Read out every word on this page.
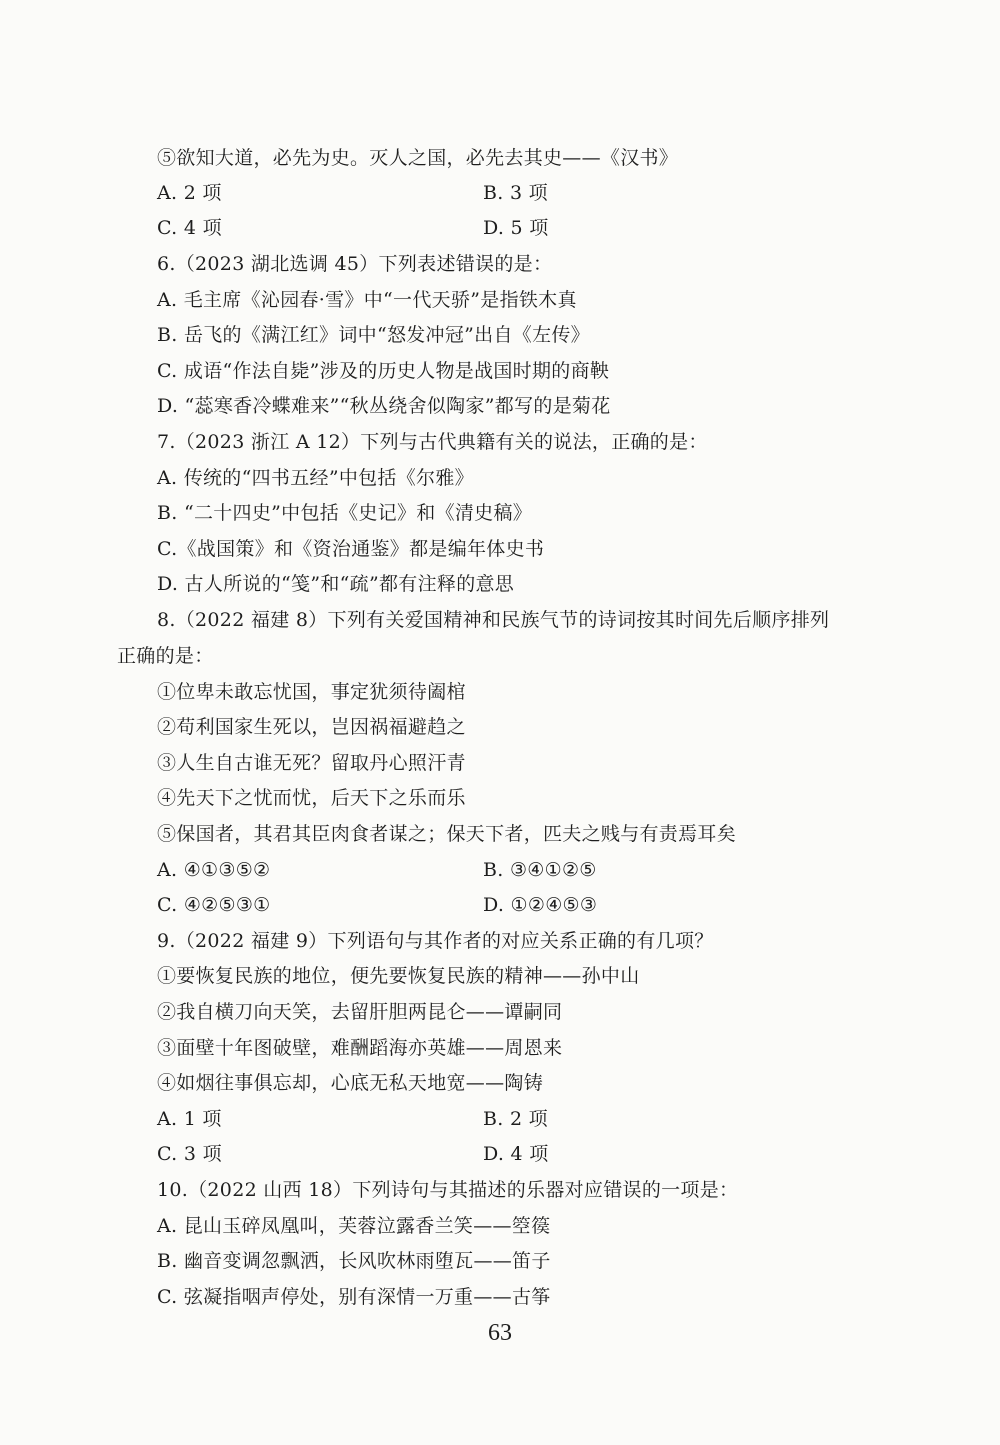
⑤欲知大道，必先为史。灭人之国，必先去其史——《汉书》
A. 2 项	B. 3 项
C. 4 项	D. 5 项
6.（2023 湖北选调 45）下列表述错误的是：
A. 毛主席《沁园春·雪》中“一代天骄”是指铁木真
B. 岳飞的《满江红》词中“怒发冲冠”出自《左传》
C. 成语“作法自毙”涉及的历史人物是战国时期的商鞅
D. “蕊寒香冷蝶难来”“秋丛绕舍似陶家”都写的是菊花
7.（2023 浙江 A 12）下列与古代典籍有关的说法，正确的是：
A. 传统的“四书五经”中包括《尔雅》
B. “二十四史”中包括《史记》和《清史稿》
C.《战国策》和《资治通鉴》都是编年体史书
D. 古人所说的“笺”和“疏”都有注释的意思
8.（2022 福建 8）下列有关爱国精神和民族气节的诗词按其时间先后顺序排列
正确的是：
①位卑未敢忘忧国，事定犹须待阖棺
②苟利国家生死以，岂因祸福避趋之
③人生自古谁无死？留取丹心照汗青
④先天下之忧而忧，后天下之乐而乐
⑤保国者，其君其臣肉食者谋之；保天下者，匹夫之贱与有责焉耳矣
A. ④①③⑤②	B. ③④①②⑤
C. ④②⑤③①	D. ①②④⑤③
9.（2022 福建 9）下列语句与其作者的对应关系正确的有几项？
①要恢复民族的地位，便先要恢复民族的精神——孙中山
②我自横刀向天笑，去留肝胆两昆仑——谭嗣同
③面壁十年图破壁，难酬蹈海亦英雄——周恩来
④如烟往事俱忘却，心底无私天地宽——陶铸
A. 1 项	B. 2 项
C. 3 项	D. 4 项
10.（2022 山西 18）下列诗句与其描述的乐器对应错误的一项是：
A. 昆山玉碎凤凰叫，芙蓉泣露香兰笑——箜篌
B. 幽音变调忽飘洒，长风吹林雨堕瓦——笛子
C. 弦凝指咽声停处，别有深情一万重——古筝
63
